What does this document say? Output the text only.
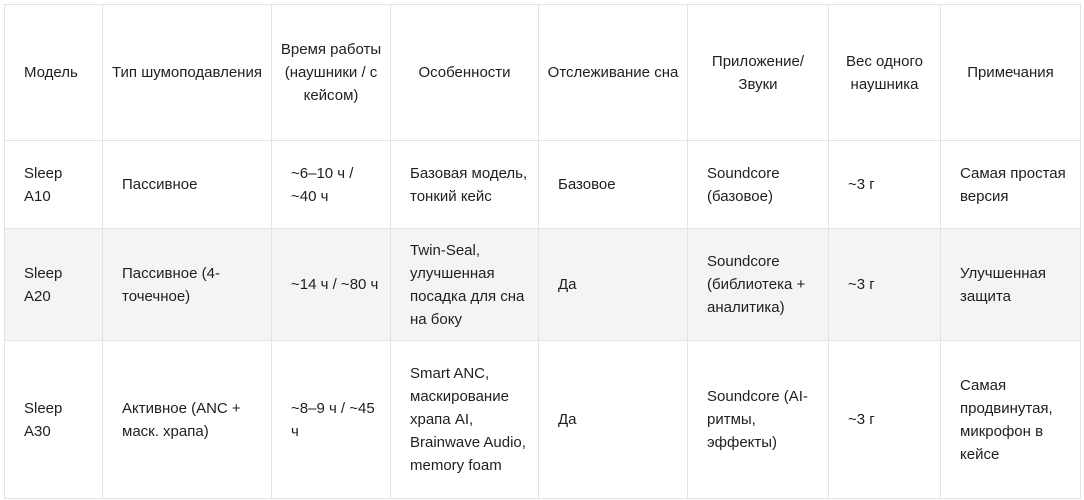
Модель	Тип шумоподавления	Время работы (наушники / с кейсом)	Особенности	Отслеживание сна	Приложение/ Звуки	Вес одного наушника	Примечания
Sleep A10	Пассивное	~6–10 ч / ~40 ч	Базовая модель, тонкий кейс	Базовое	Soundcore (базовое)	~3 г	Самая простая версия
Sleep A20	Пассивное (4-точечное)	~14 ч / ~80 ч	Twin-Seal, улучшенная посадка для сна на боку	Да	Soundcore (библиотека + аналитика)	~3 г	Улучшенная защита
Sleep A30	Активное (ANC + маск. храпа)	~8–9 ч / ~45 ч	Smart ANC, маскирование храпа AI, Brainwave Audio, memory foam	Да	Soundcore (AI-ритмы, эффекты)	~3 г	Самая продвинутая, микрофон в кейсе
